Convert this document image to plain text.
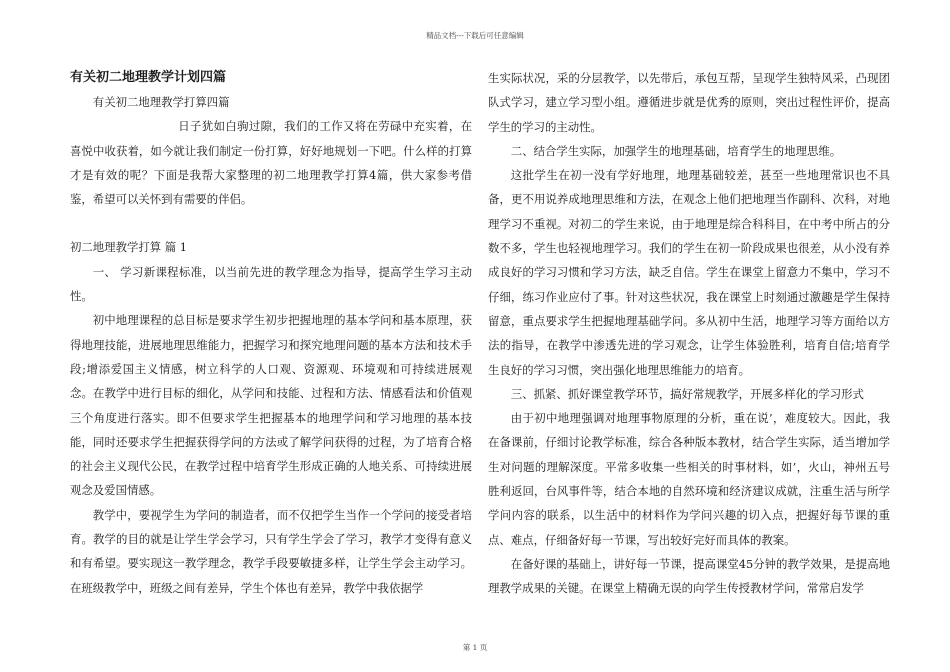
精品文档---下载后可任意编辑

有关初二地理教学计划四篇

有关初二地理教学打算四篇

日子犹如白驹过隙，我们的工作又将在劳碌中充实着，在喜悦中收获着，如今就让我们制定一份打算，好好地规划一下吧。什么样的打算才是有效的呢？下面是我帮大家整理的初二地理教学打算4篇，供大家参考借鉴，希望可以关怀到有需要的伴侣。

初二地理教学打算 篇 1

一、 学习新课程标准，以当前先进的教学理念为指导，提高学生学习主动性。

初中地理课程的总目标是要求学生初步把握地理的基本学问和基本原理，获得地理技能，进展地理思维能力，把握学习和探究地理问题的基本方法和技术手段;增添爱国主义情感，树立科学的人口观、资源观、环境观和可持续进展观念。在教学中进行目标的细化，从学问和技能、过程和方法、情感看法和价值观三个角度进行落实。即不但要求学生把握基本的地理学问和学习地理的基本技能，同时还要求学生把握获得学问的方法或了解学问获得的过程，为了培育合格的社会主义现代公民，在教学过程中培育学生形成正确的人地关系、可持续进展观念及爱国情感。

教学中，要视学生为学问的制造者，而不仅把学生当作一个学问的接受者培育。教学的目的就是让学生学会学习，只有学生学会了学习，教学才变得有意义和有希望。要实现这一教学理念，教学手段要敏捷多样，让学生学会主动学习。在班级教学中，班级之间有差异，学生个体也有差异，教学中我依据学

生实际状况，采的分层教学，以先带后，承包互帮，呈现学生独特风采，凸现团队式学习，建立学习型小组。遵循进步就是优秀的原则，突出过程性评价，提高学生的学习的主动性。

二、结合学生实际，加强学生的地理基础，培育学生的地理思维。

这批学生在初一没有学好地理，地理基础较差，甚至一些地理常识也不具备，更不用说养成地理思维和方法，在观念上他们把地理当作副科、次科，对地理学习不重视。对初二的学生来说，由于地理是综合科科目，在中考中所占的分数不多，学生也轻视地理学习。我们的学生在初一阶段成果也很差，从小没有养成良好的学习习惯和学习方法，缺乏自信。学生在课堂上留意力不集中，学习不仔细，练习作业应付了事。针对这些状况，我在课堂上时刻通过激趣是学生保持留意，重点要求学生把握地理基础学问。多从初中生活，地理学习等方面给以方法的指导，在教学中渗透先进的学习观念，让学生体验胜利，培育自信;培育学生良好的学习习惯，突出强化地理思维能力的培育。

三、抓紧、抓好课堂教学环节，搞好常规教学，开展多样化的学习形式

由于初中地理强调对地理事物原理的分析，重在说’，难度较大。因此，我在备课前，仔细讨论教学标准，综合各种版本教材，结合学生实际，适当增加学生对问题的理解深度。平常多收集一些相关的时事材料，如’，火山，神州五号胜利返回，台风事件等，结合本地的自然环境和经济建议成就，注重生活与所学学问内容的联系，以生活中的材料作为学问兴趣的切入点，把握好每节课的重点、难点，仔细备好每一节课，写出较好完好而具体的教案。

在备好课的基础上，讲好每一节课，提高课堂45分钟的教学效果，是提高地理教学成果的关键。在课堂上精确无误的向学生传授教材学问，常常启发学

第 1 页
